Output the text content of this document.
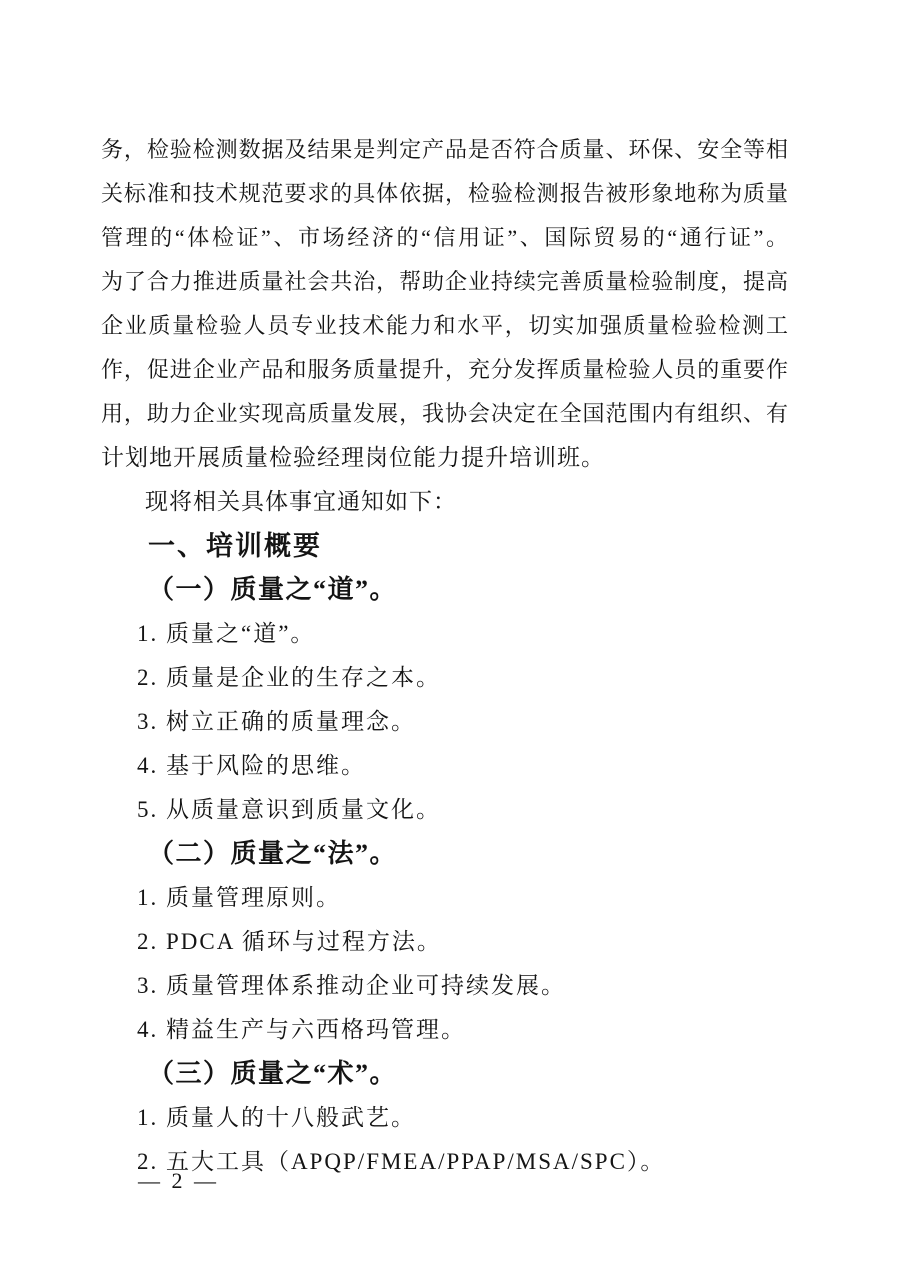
务，检验检测数据及结果是判定产品是否符合质量、环保、安全等相
关标准和技术规范要求的具体依据，检验检测报告被形象地称为质量
管理的“体检证”、市场经济的“信用证”、国际贸易的“通行证”。
为了合力推进质量社会共治，帮助企业持续完善质量检验制度，提高
企业质量检验人员专业技术能力和水平，切实加强质量检验检测工
作，促进企业产品和服务质量提升，充分发挥质量检验人员的重要作
用，助力企业实现高质量发展，我协会决定在全国范围内有组织、有
计划地开展质量检验经理岗位能力提升培训班。
现将相关具体事宜通知如下：
一、培训概要
（一）质量之“道”。
1. 质量之“道”。
2. 质量是企业的生存之本。
3. 树立正确的质量理念。
4. 基于风险的思维。
5. 从质量意识到质量文化。
（二）质量之“法”。
1. 质量管理原则。
2. PDCA 循环与过程方法。
3. 质量管理体系推动企业可持续发展。
4. 精益生产与六西格玛管理。
（三）质量之“术”。
1. 质量人的十八般武艺。
2. 五大工具（APQP/FMEA/PPAP/MSA/SPC）。
— 2 —
